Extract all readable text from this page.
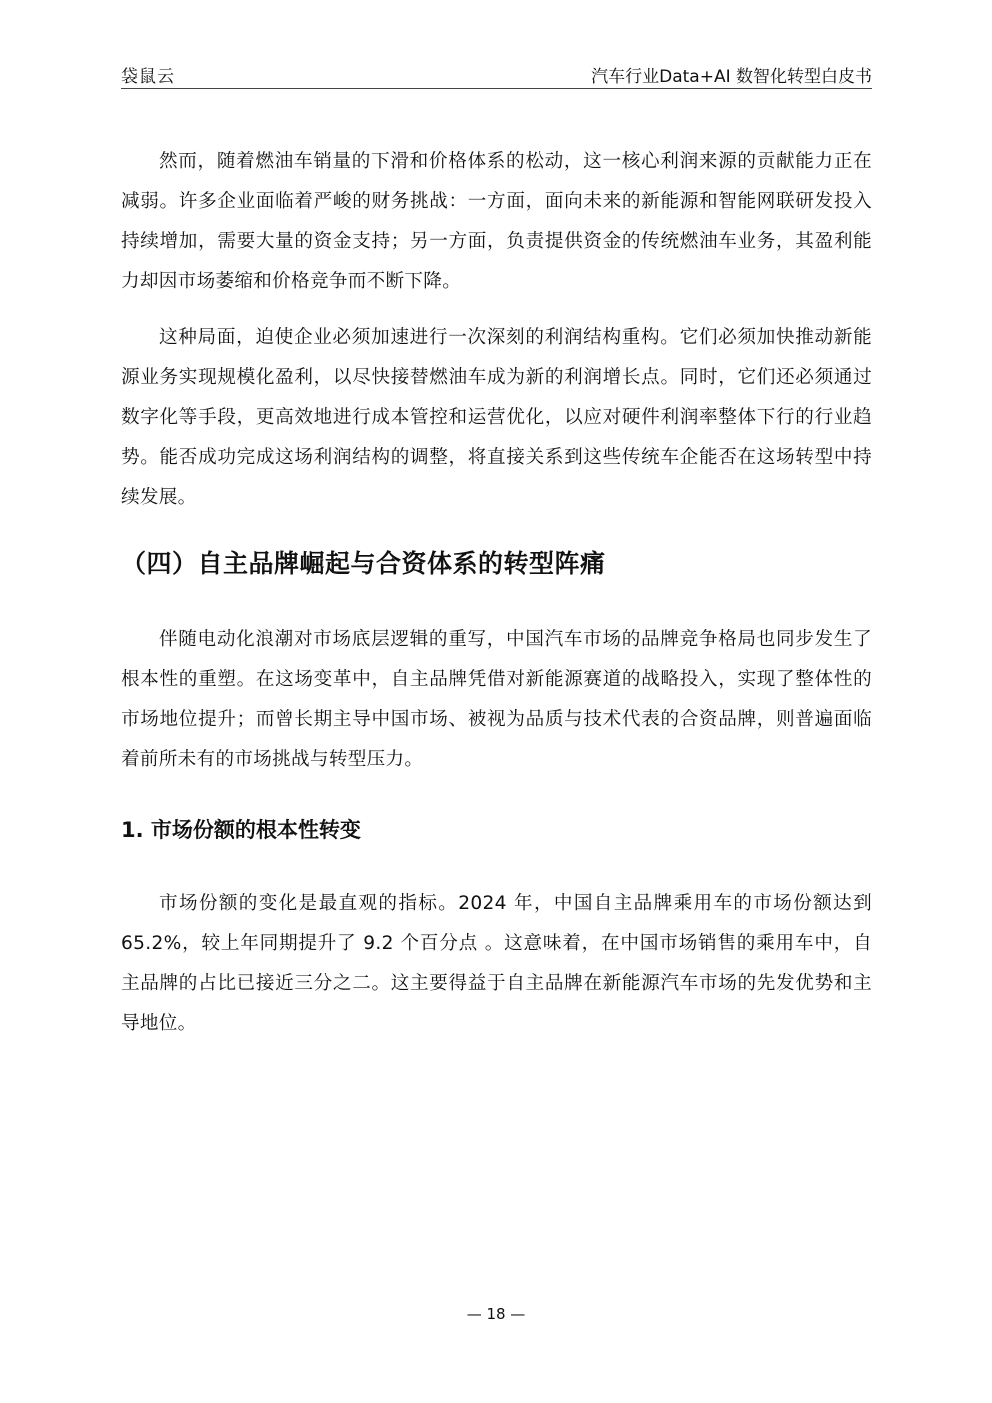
袋鼠云	汽车行业Data+AI 数智化转型白皮书

然而，随着燃油车销量的下滑和价格体系的松动，这一核心利润来源的贡献能力正在减弱。许多企业面临着严峻的财务挑战：一方面，面向未来的新能源和智能网联研发投入持续增加，需要大量的资金支持；另一方面，负责提供资金的传统燃油车业务，其盈利能力却因市场萎缩和价格竞争而不断下降。

这种局面，迫使企业必须加速进行一次深刻的利润结构重构。它们必须加快推动新能源业务实现规模化盈利，以尽快接替燃油车成为新的利润增长点。同时，它们还必须通过数字化等手段，更高效地进行成本管控和运营优化，以应对硬件利润率整体下行的行业趋势。能否成功完成这场利润结构的调整，将直接关系到这些传统车企能否在这场转型中持续发展。

（四）自主品牌崛起与合资体系的转型阵痛

伴随电动化浪潮对市场底层逻辑的重写，中国汽车市场的品牌竞争格局也同步发生了根本性的重塑。在这场变革中，自主品牌凭借对新能源赛道的战略投入，实现了整体性的市场地位提升；而曾长期主导中国市场、被视为品质与技术代表的合资品牌，则普遍面临着前所未有的市场挑战与转型压力。

1. 市场份额的根本性转变

市场份额的变化是最直观的指标。2024 年，中国自主品牌乘用车的市场份额达到 65.2%，较上年同期提升了 9.2 个百分点 。这意味着，在中国市场销售的乘用车中，自主品牌的占比已接近三分之二。这主要得益于自主品牌在新能源汽车市场的先发优势和主导地位。

— 18 —
